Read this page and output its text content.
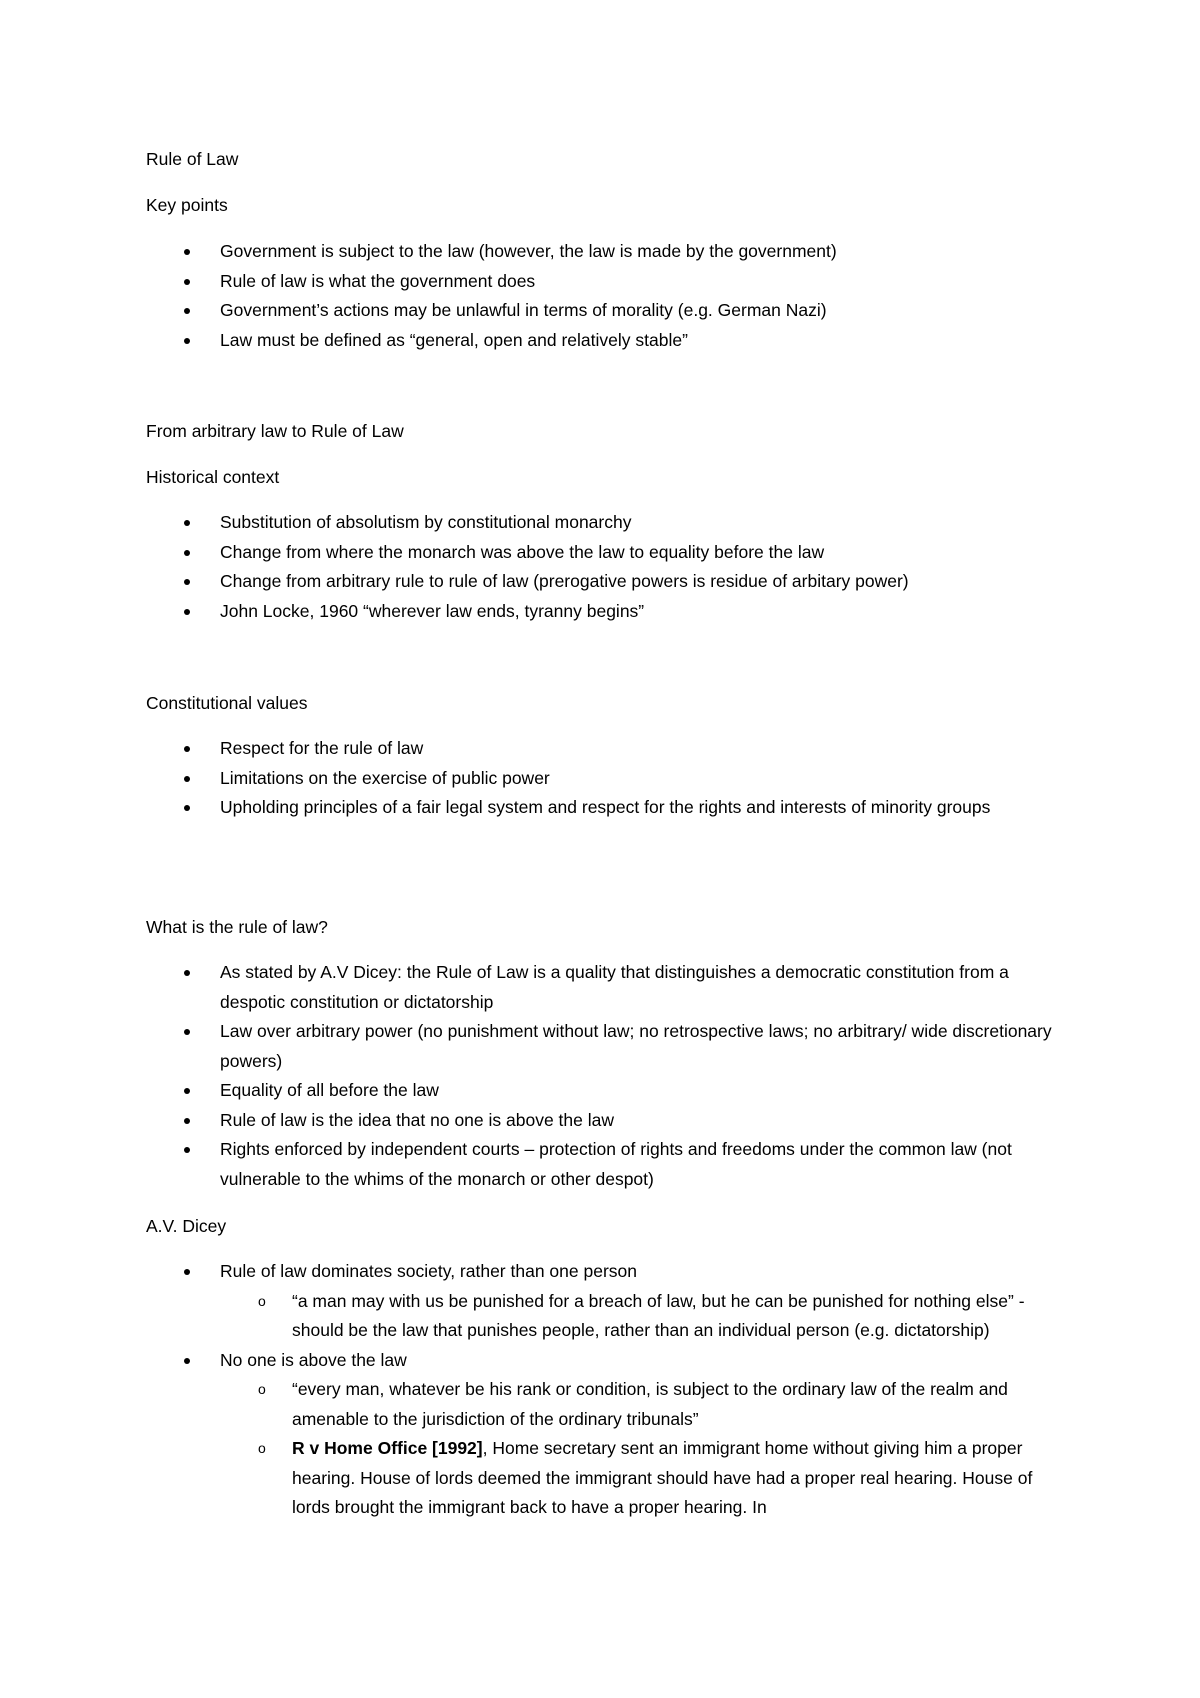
Rule of Law

Key points

Government is subject to the law (however, the law is made by the government)
Rule of law is what the government does
Government’s actions may be unlawful in terms of morality (e.g. German Nazi)
Law must be defined as “general, open and relatively stable”

From arbitrary law to Rule of Law

Historical context

Substitution of absolutism by constitutional monarchy
Change from where the monarch was above the law to equality before the law
Change from arbitrary rule to rule of law (prerogative powers is residue of arbitary power)
John Locke, 1960 “wherever law ends, tyranny begins”

Constitutional values

Respect for the rule of law
Limitations on the exercise of public power
Upholding principles of a fair legal system and respect for the rights and interests of minority groups

What is the rule of law?

As stated by A.V Dicey: the Rule of Law is a quality that distinguishes a democratic constitution from a despotic constitution or dictatorship
Law over arbitrary power (no punishment without law; no retrospective laws; no arbitrary/ wide discretionary powers)
Equality of all before the law
Rule of law is the idea that no one is above the law
Rights enforced by independent courts – protection of rights and freedoms under the common law (not vulnerable to the whims of the monarch or other despot)

A.V. Dicey

Rule of law dominates society, rather than one person
o “a man may with us be punished for a breach of law, but he can be punished for nothing else” - should be the law that punishes people, rather than an individual person (e.g. dictatorship)
No one is above the law
o “every man, whatever be his rank or condition, is subject to the ordinary law of the realm and amenable to the jurisdiction of the ordinary tribunals”
o R v Home Office [1992], Home secretary sent an immigrant home without giving him a proper hearing. House of lords deemed the immigrant should have had a proper real hearing. House of lords brought the immigrant back to have a proper hearing. In
